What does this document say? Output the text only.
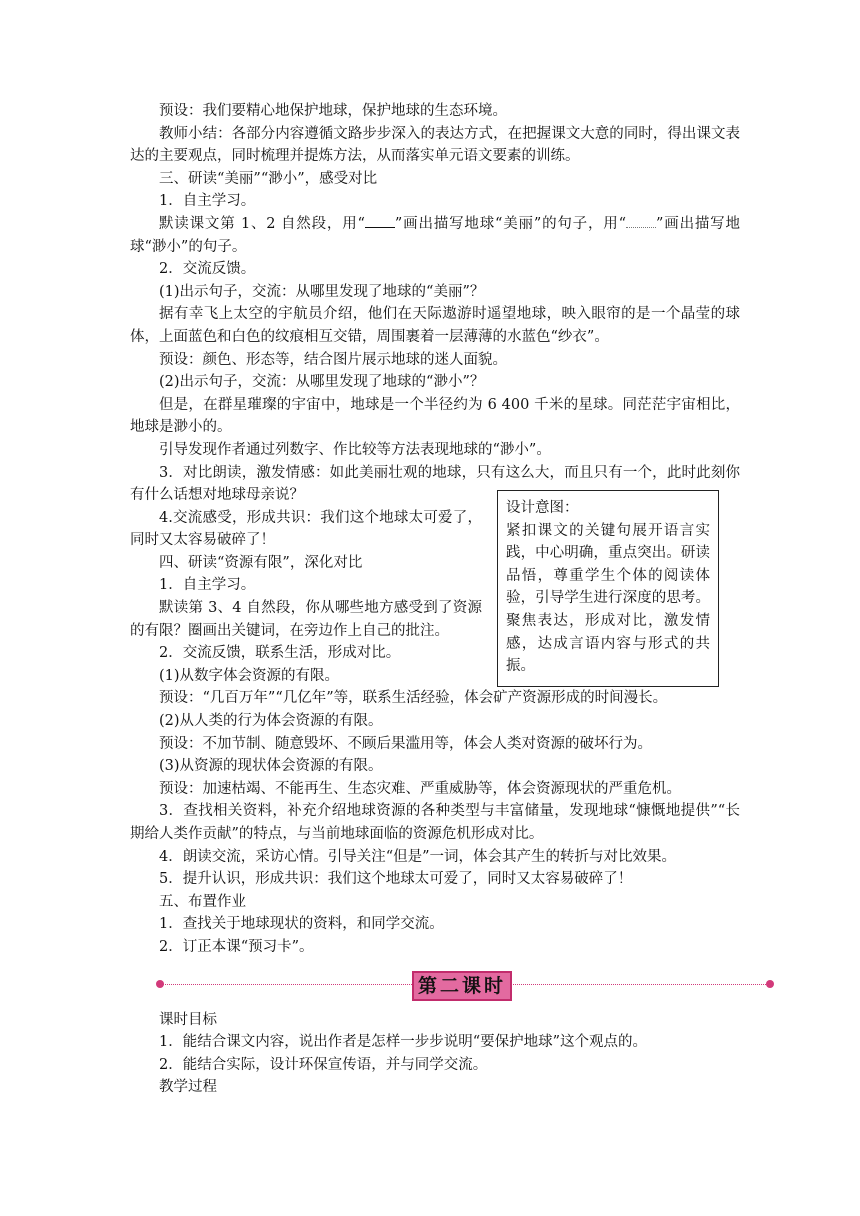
预设：我们要精心地保护地球，保护地球的生态环境。

教师小结：各部分内容遵循文路步步深入的表达方式，在把握课文大意的同时，得出课文表达的主要观点，同时梳理并提炼方法，从而落实单元语文要素的训练。

三、研读“美丽”“渺小”，感受对比

1．自主学习。

默读课文第 1、2 自然段，用“ ”画出描写地球“美丽”的句子，用“ ”画出描写地球“渺小”的句子。

2．交流反馈。

(1)出示句子，交流：从哪里发现了地球的“美丽”？

据有幸飞上太空的宇航员介绍，他们在天际遨游时遥望地球，映入眼帘的是一个晶莹的球体，上面蓝色和白色的纹痕相互交错，周围裹着一层薄薄的水蓝色“纱衣”。

预设：颜色、形态等，结合图片展示地球的迷人面貌。

(2)出示句子，交流：从哪里发现了地球的“渺小”？

但是，在群星璀璨的宇宙中，地球是一个半径约为 6 400 千米的星球。同茫茫宇宙相比，地球是渺小的。

引导发现作者通过列数字、作比较等方法表现地球的“渺小”。

3．对比朗读，激发情感：如此美丽壮观的地球，只有这么大，而且只有一个，此时此刻你有什么话想对地球母亲说？

4.交流感受，形成共识：我们这个地球太可爱了，同时又太容易破碎了！

四、研读“资源有限”，深化对比

1．自主学习。

默读第 3、4 自然段，你从哪些地方感受到了资源的有限？圈画出关键词，在旁边作上自己的批注。

2．交流反馈，联系生活，形成对比。

(1)从数字体会资源的有限。

预设：“几百万年”“几亿年”等，联系生活经验，体会矿产资源形成的时间漫长。

(2)从人类的行为体会资源的有限。

预设：不加节制、随意毁坏、不顾后果滥用等，体会人类对资源的破坏行为。

(3)从资源的现状体会资源的有限。

预设：加速枯竭、不能再生、生态灾难、严重威胁等，体会资源现状的严重危机。

3．查找相关资料，补充介绍地球资源的各种类型与丰富储量，发现地球“慷慨地提供”“长期给人类作贡献”的特点，与当前地球面临的资源危机形成对比。

4．朗读交流，采访心情。引导关注“但是”一词，体会其产生的转折与对比效果。

5．提升认识，形成共识：我们这个地球太可爱了，同时又太容易破碎了！

五、布置作业

1．查找关于地球现状的资料，和同学交流。

2．订正本课“预习卡”。

第二课时

课时目标

1．能结合课文内容，说出作者是怎样一步步说明“要保护地球”这个观点的。

2．能结合实际，设计环保宣传语，并与同学交流。

教学过程

设计意图：
紧扣课文的关键句展开语言实践，中心明确，重点突出。研读品悟，尊重学生个体的阅读体验，引导学生进行深度的思考。聚焦表达，形成对比，激发情感，达成言语内容与形式的共振。
